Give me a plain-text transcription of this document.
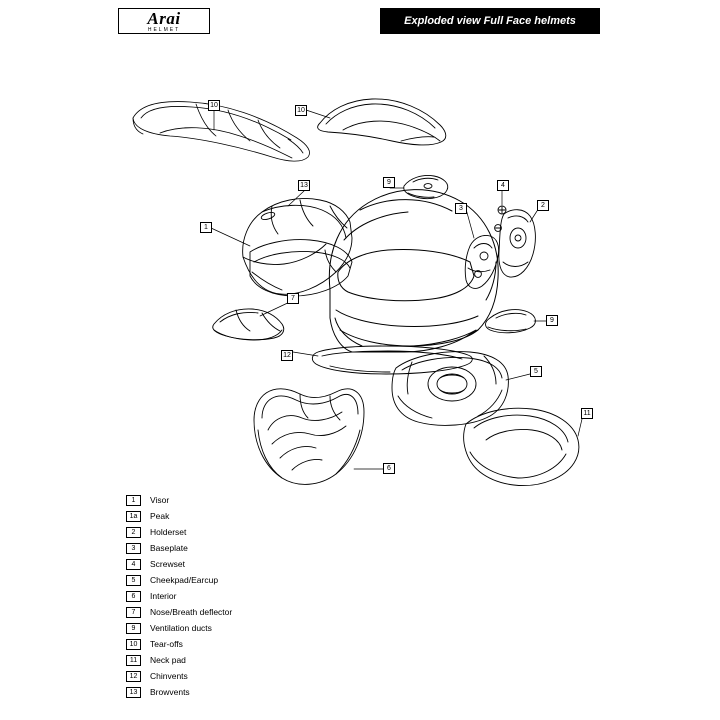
Arai
HELMET
Exploded view Full Face helmets
10
10
13	9	4
3	2
1
7
9
12
5
11
6
1	Visor
1a	Peak
2	Holderset
3	Baseplate
4	Screwset
5	Cheekpad/Earcup
6	Interior
7	Nose/Breath deflector
9	Ventilation ducts
10	Tear-offs
11	Neck pad
12	Chinvents
13	Browvents
